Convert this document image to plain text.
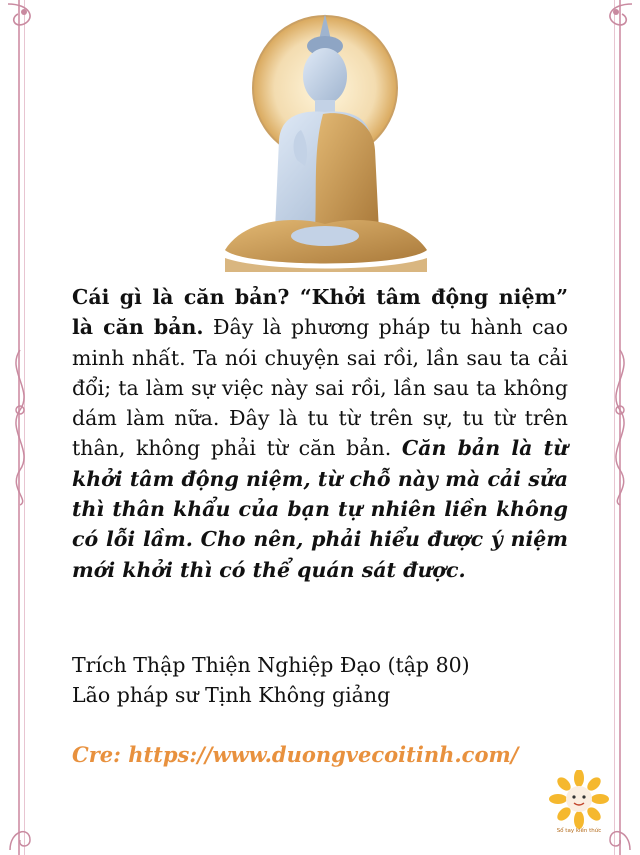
Cái gì là căn bản? “Khởi tâm động niệm” là căn bản. Đây là phương pháp tu hành cao minh nhất. Ta nói chuyện sai rồi, lần sau ta cải đổi; ta làm sự việc này sai rồi, lần sau ta không dám làm nữa. Đây là tu từ trên sự, tu từ trên thân, không phải từ căn bản. Căn bản là từ khởi tâm động niệm, từ chỗ này mà cải sửa thì thân khẩu của bạn tự nhiên liền không có lỗi lầm. Cho nên, phải hiểu được ý niệm mới khởi thì có thể quán sát được.

Trích Thập Thiện Nghiệp Đạo (tập 80)
Lão pháp sư Tịnh Không giảng
Cre: https://www.duongvecoitinh.com/
Sổ tay kiến thức
